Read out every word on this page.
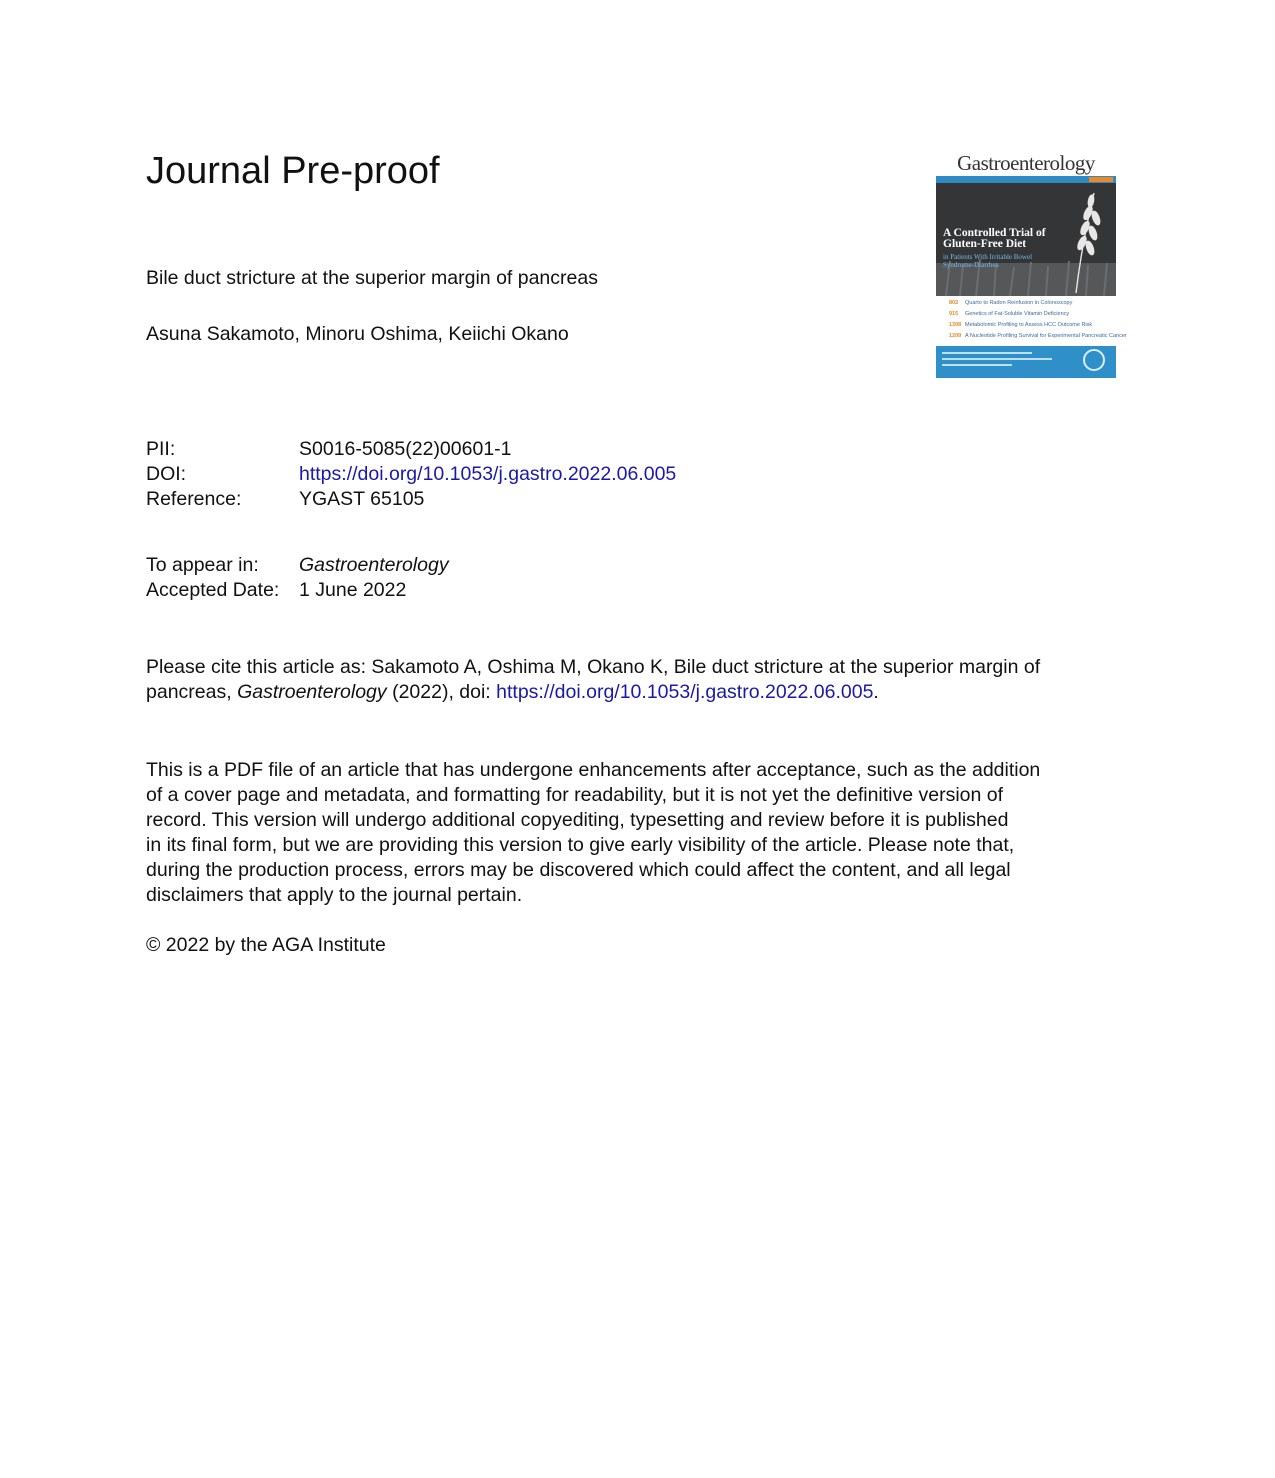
Journal Pre-proof	Gastroenterology
A Controlled Trial of Gluten-Free Diet
in Patients With Irritable Bowel Syndrome-Diarrhea
802 Quarto to Radon Reinfusion in Colonoscopy
915 Genetics of Fat-Soluble Vitamin Deficiency
1308 Metabolomic Profiling to Assess HCC Outcome Risk
1209 A Nucleotide Profiling Survival for Experimental Pancreatic Cancer
Bile duct stricture at the superior margin of pancreas
Asuna Sakamoto, Minoru Oshima, Keiichi Okano
PII:	S0016-5085(22)00601-1
DOI:	https://doi.org/10.1053/j.gastro.2022.06.005
Reference:	YGAST 65105
To appear in: Gastroenterology
Accepted Date: 1 June 2022
Please cite this article as: Sakamoto A, Oshima M, Okano K, Bile duct stricture at the superior margin of pancreas, Gastroenterology (2022), doi: https://doi.org/10.1053/j.gastro.2022.06.005.
This is a PDF file of an article that has undergone enhancements after acceptance, such as the addition
of a cover page and metadata, and formatting for readability, but it is not yet the definitive version of
record. This version will undergo additional copyediting, typesetting and review before it is published
in its final form, but we are providing this version to give early visibility of the article. Please note that,
during the production process, errors may be discovered which could affect the content, and all legal
disclaimers that apply to the journal pertain.
© 2022 by the AGA Institute
